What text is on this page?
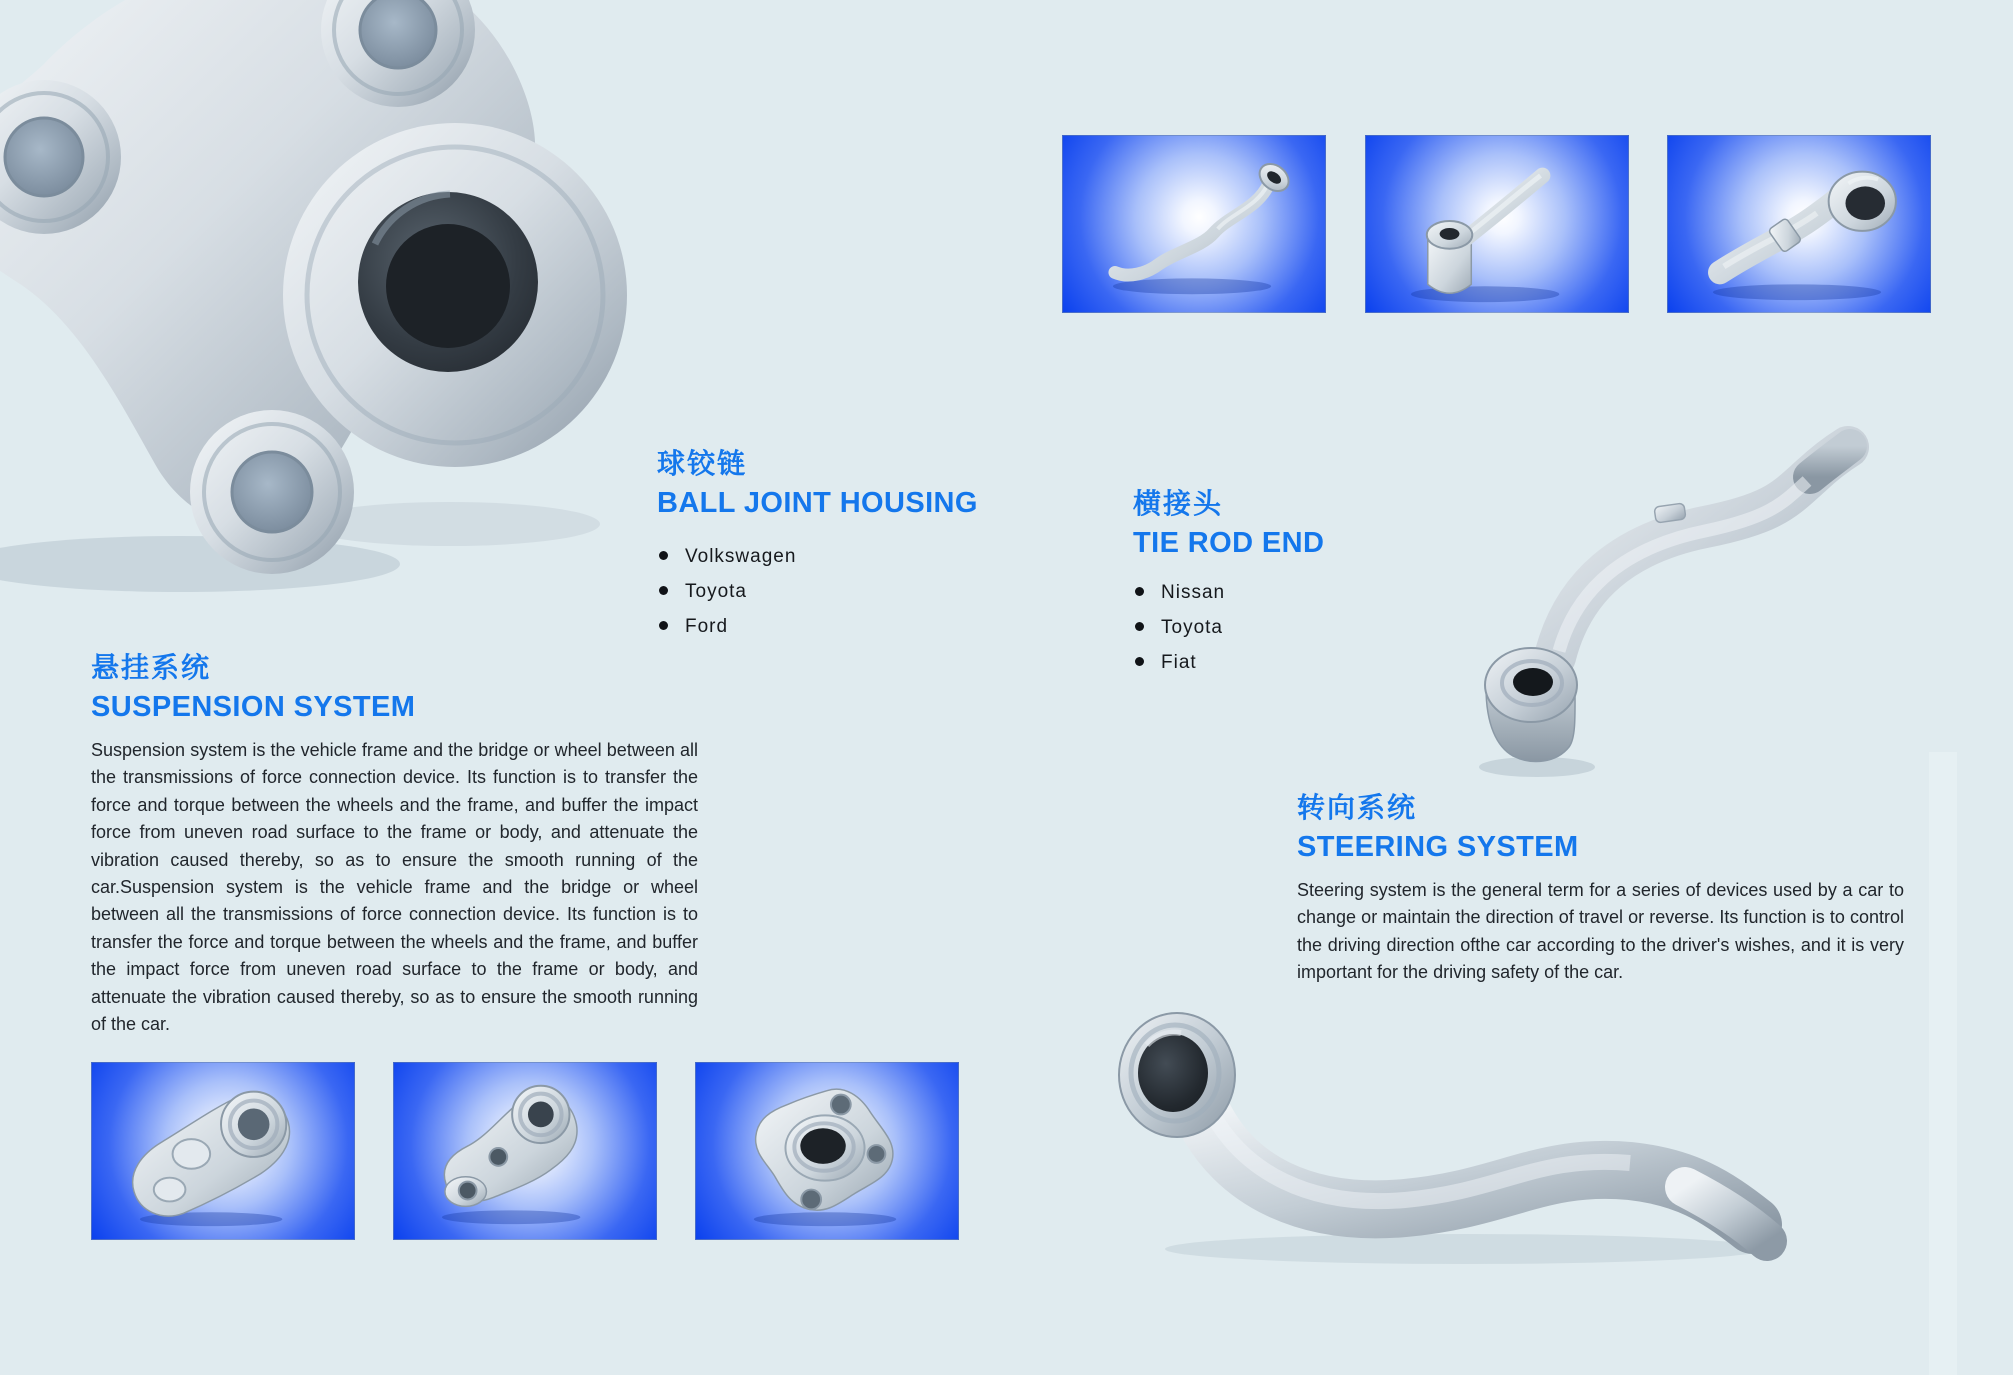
球铰链
BALL JOINT HOUSING
Volkswagen
Toyota
Ford
横接头
TIE ROD END
Nissan
Toyota
Fiat
悬挂系统
SUSPENSION SYSTEM

Suspension system is the vehicle frame and the bridge or wheel between all the transmissions of force connection device. Its function is to transfer the force and torque between the wheels and the frame, and buffer the impact force from uneven road surface to the frame or body, and attenuate the vibration caused thereby, so as to ensure the smooth running of the car.Suspension system is the vehicle frame and the bridge or wheel between all the transmissions of force connection device. Its function is to transfer the force and torque between the wheels and the frame, and buffer the impact force from uneven road surface to the frame or body, and attenuate the vibration caused thereby, so as to ensure the smooth running of the car.

转向系统
STEERING SYSTEM

Steering system is the general term for a series of devices used by a car to change or maintain the direction of travel or reverse. Its function is to control the driving direction ofthe car according to the driver's wishes, and it is very important for the driving safety of the car.
